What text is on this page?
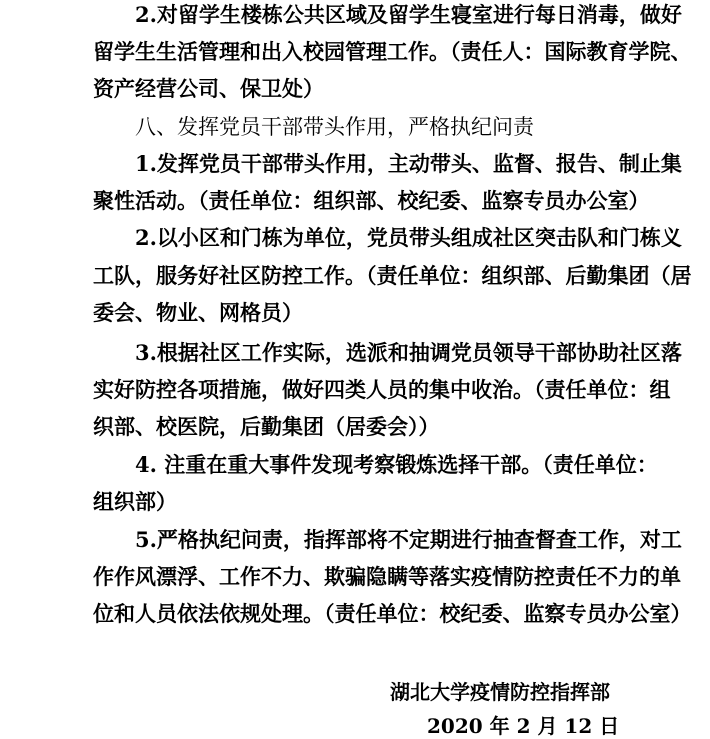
2.对留学生楼栋公共区域及留学生寝室进行每日消毒，做好
留学生生活管理和出入校园管理工作。（责任人：国际教育学院、
资产经营公司、保卫处）
八、发挥党员干部带头作用，严格执纪问责
1.发挥党员干部带头作用，主动带头、监督、报告、制止集
聚性活动。（责任单位：组织部、校纪委、监察专员办公室）
2.以小区和门栋为单位，党员带头组成社区突击队和门栋义
工队，服务好社区防控工作。（责任单位：组织部、后勤集团（居
委会、物业、网格员）
3.根据社区工作实际，选派和抽调党员领导干部协助社区落
实好防控各项措施，做好四类人员的集中收治。（责任单位：组
织部、校医院，后勤集团（居委会））
4. 注重在重大事件发现考察锻炼选择干部。（责任单位：
组织部）
5.严格执纪问责，指挥部将不定期进行抽查督查工作，对工
作作风漂浮、工作不力、欺骗隐瞒等落实疫情防控责任不力的单
位和人员依法依规处理。（责任单位：校纪委、监察专员办公室）
湖北大学疫情防控指挥部
2020 年 2 月 12 日
